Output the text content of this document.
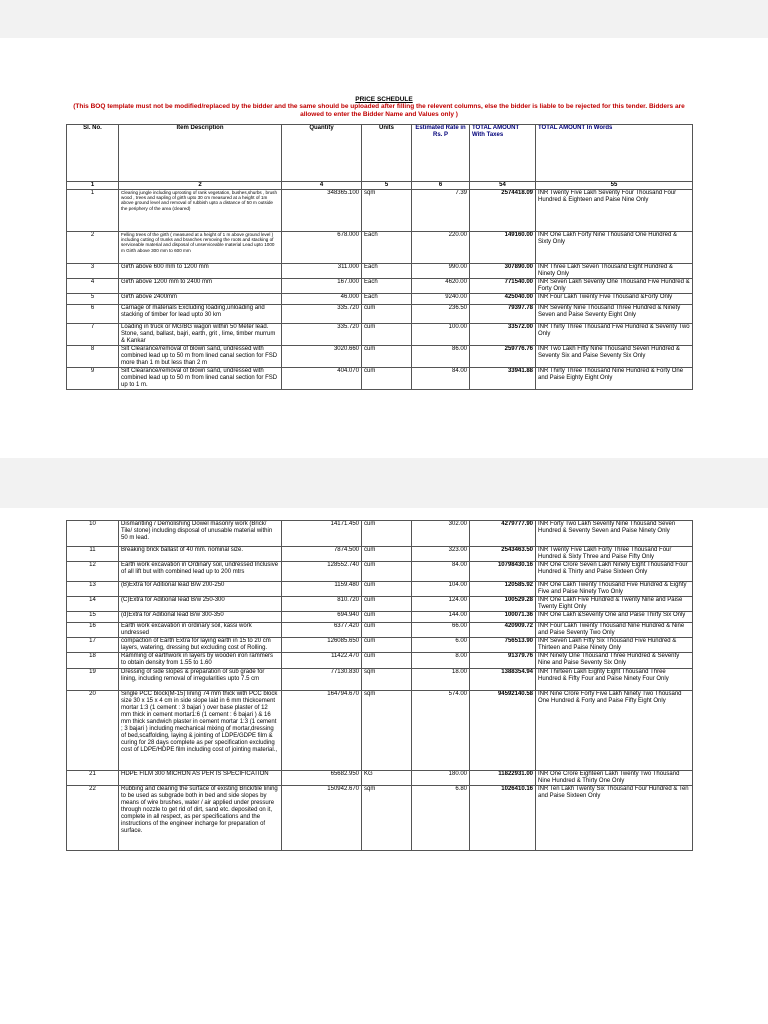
PRICE SCHEDULE
(This BOQ template must not be modified/replaced by the bidder and the same should be uploaded after filling the relevent columns, else the bidder is liable to be rejected for this tender. Bidders are allowed to enter the Bidder Name and Values only )
Sl. No.	Item Description	Quantity	Units	Estimated Rate in Rs. P	TOTAL AMOUNT With Taxes	TOTAL AMOUNT In Words
1	2	4	5	6	54	55
1	Clearing jungle including uprooting of rank vegetation, bushes,shurbs , brush wood , trees and sapling of girth upto 30 cm measured at a height of 1m above ground level and removal of rubbish upto a distance of 50 m outside the periphery of the area (cleared)	348365.100	sqm	7.39	2574418.09	INR Twenty Five Lakh Seventy Four Thousand Four Hundred & Eighteen and Paise Nine Only
2	Felling trees of the girth ( measured at a height of 1 m above ground level ) including cutting of trunks and branches removing the roots and stacking of serviceable material and disposal of unserviceable material Lead upto 1000 m Girth above 300 mm to 600 mm	678.000	Each	220.00	149160.00	INR One Lakh Forty Nine Thousand One Hundred & Sixty Only
3	Girth above 600 mm to 1200 mm	311.000	Each	990.00	307890.00	INR Three Lakh Seven Thousand Eight Hundred & Ninety Only
4	Girth above 1200 mm to 2400 mm	167.000	Each	4620.00	771540.00	INR Seven Lakh Seventy One Thousand Five Hundred & Forty Only
5	Girth above 2400mm	46.000	Each	9240.00	425040.00	INR Four Lakh Twenty Five Thousand &Forty Only
6	Carriage of materials Excluding loading,unloading and stacking of timber for lead upto 30 km	335.720	cum	236.50	79397.78	INR Seventy Nine Thousand Three Hundred & Ninety Seven and Paise Seventy Eight Only
7	Loading in truck or MG/BG wagon within 50 Meter lead. Stone, sand, ballast, bajri, earth, grit , lime, timber murrum & Kankar	335.720	cum	100.00	33572.00	INR Thirty Three Thousand Five Hundred & Seventy Two Only
8	Silt Clearance/removal of blown sand, undressed with combined lead up to 50 m from lined canal section for FSD more than 1 m but less than 2 m	3020.660	cum	86.00	259776.76	INR Two Lakh Fifty Nine Thousand Seven Hundred & Seventy Six and Paise Seventy Six Only
9	Silt Clearance/removal of blown sand, undressed with combined lead up to 50 m from lined canal section for FSD up to 1 m.	404.070	cum	84.00	33941.88	INR Thirty Three Thousand Nine Hundred & Forty One and Paise Eighty Eight Only
10	Dismantling / Demolishing Dowel masonry work (Brick/ Tile/ stone) including disposal of unusable material within 50 m lead.	14171.450	cum	302.00	4279777.90	INR Forty Two Lakh Seventy Nine Thousand Seven Hundred & Seventy Seven and Paise Ninety Only
11	Breaking brick ballast of 40 mm. nominal size.	7874.500	cum	323.00	2543463.50	INR Twenty Five Lakh Forty Three Thousand Four Hundred & Sixty Three and Paise Fifty Only
12	Earth work excavation in Ordinary soil, undressed Inclusive of all lift but with combined lead up to 200 mtrs	128552.740	cum	84.00	10798430.16	INR One Crore Seven Lakh Ninety Eight Thousand Four Hundred & Thirty and Paise Sixteen Only
13	(B)Extra for Aditional lead B/w 200-250	1159.480	cum	104.00	120585.92	INR One Lakh Twenty Thousand Five Hundred & Eighty Five and Paise Ninety Two Only
14	(C)Extra for Aditional lead B/w 250-300	810.720	cum	124.00	100529.28	INR One Lakh Five Hundred & Twenty Nine and Paise Twenty Eight Only
15	(d)Extra for Aditional lead B/w 300-350	694.940	cum	144.00	100071.36	INR One Lakh &Seventy One and Paise Thirty Six Only
16	Earth work excavation in ordinary soil, kassi work undressed	6377.420	cum	66.00	420909.72	INR Four Lakh Twenty Thousand Nine Hundred & Nine and Paise Seventy Two Only
17	compaction of Earth Extra for laying earth in 15 to 20 cm layers, watering, dressing but excluding cost of Rolling.	126085.650	cum	6.00	756513.90	INR Seven Lakh Fifty Six Thousand Five Hundred & Thirteen and Paise Ninety Only
18	Ramming of earthwork in layers by wooden iron rammers to obtain density from 1.55 to 1.60	11422.470	cum	8.00	91379.76	INR Ninety One Thousand Three Hundred & Seventy Nine and Paise Seventy Six Only
19	Dressing of side slopes & preparation of sub grade for lining, including removal of irregularities upto 7.5 cm	77130.830	sqm	18.00	1388354.94	INR Thirteen Lakh Eighty Eight Thousand Three Hundred & Fifty Four and Paise Ninety Four Only
20	Single PCC block(M-15) lining 74 mm thick with PCC block size 30 x 15 x 4 cm in side slope laid in 6 mm thickcement mortar 1:3 (1 cement : 3 bajari ) over base plaster of 12 mm thick in cement mortar1:6 (1 cement : 6 bajari ) & 16 mm thick sandwich plaster in cement mortar 1:3 (1 cement ; 3 bajari ) including mechanical mixing of mortar,dressing of bed,scaffolding, laying & jointing of LDPE/GDPE film & curing for 28 days complete as per specification excluding cost of LDPE/HDPE film including cost of jointing material.,	164794.670	sqm	574.00	94592140.58	INR Nine Crore Forty Five Lakh Ninety Two Thousand One Hundred & Forty and Paise Fifty Eight Only
21	HDPE FILM 300 MICRON AS PER IS SPECIFICATION	65682.950	KG	180.00	11822931.00	INR One Crore Eighteen Lakh Twenty Two Thousand Nine Hundred & Thirty One Only
22	Rubbing and clearing the surface of existing Brick/tile lining to be used as subgrade both in bed and side slopes by means of wire brushes, water / air applied under pressure through nozzle to get rid of dirt, sand etc. deposited on it, complete in all respect, as per specifications and the instructions of the engineer incharge for preparation of surface.	150942.670	sqm	6.80	1026410.16	INR Ten Lakh Twenty Six Thousand Four Hundred & Ten and Paise Sixteen Only
